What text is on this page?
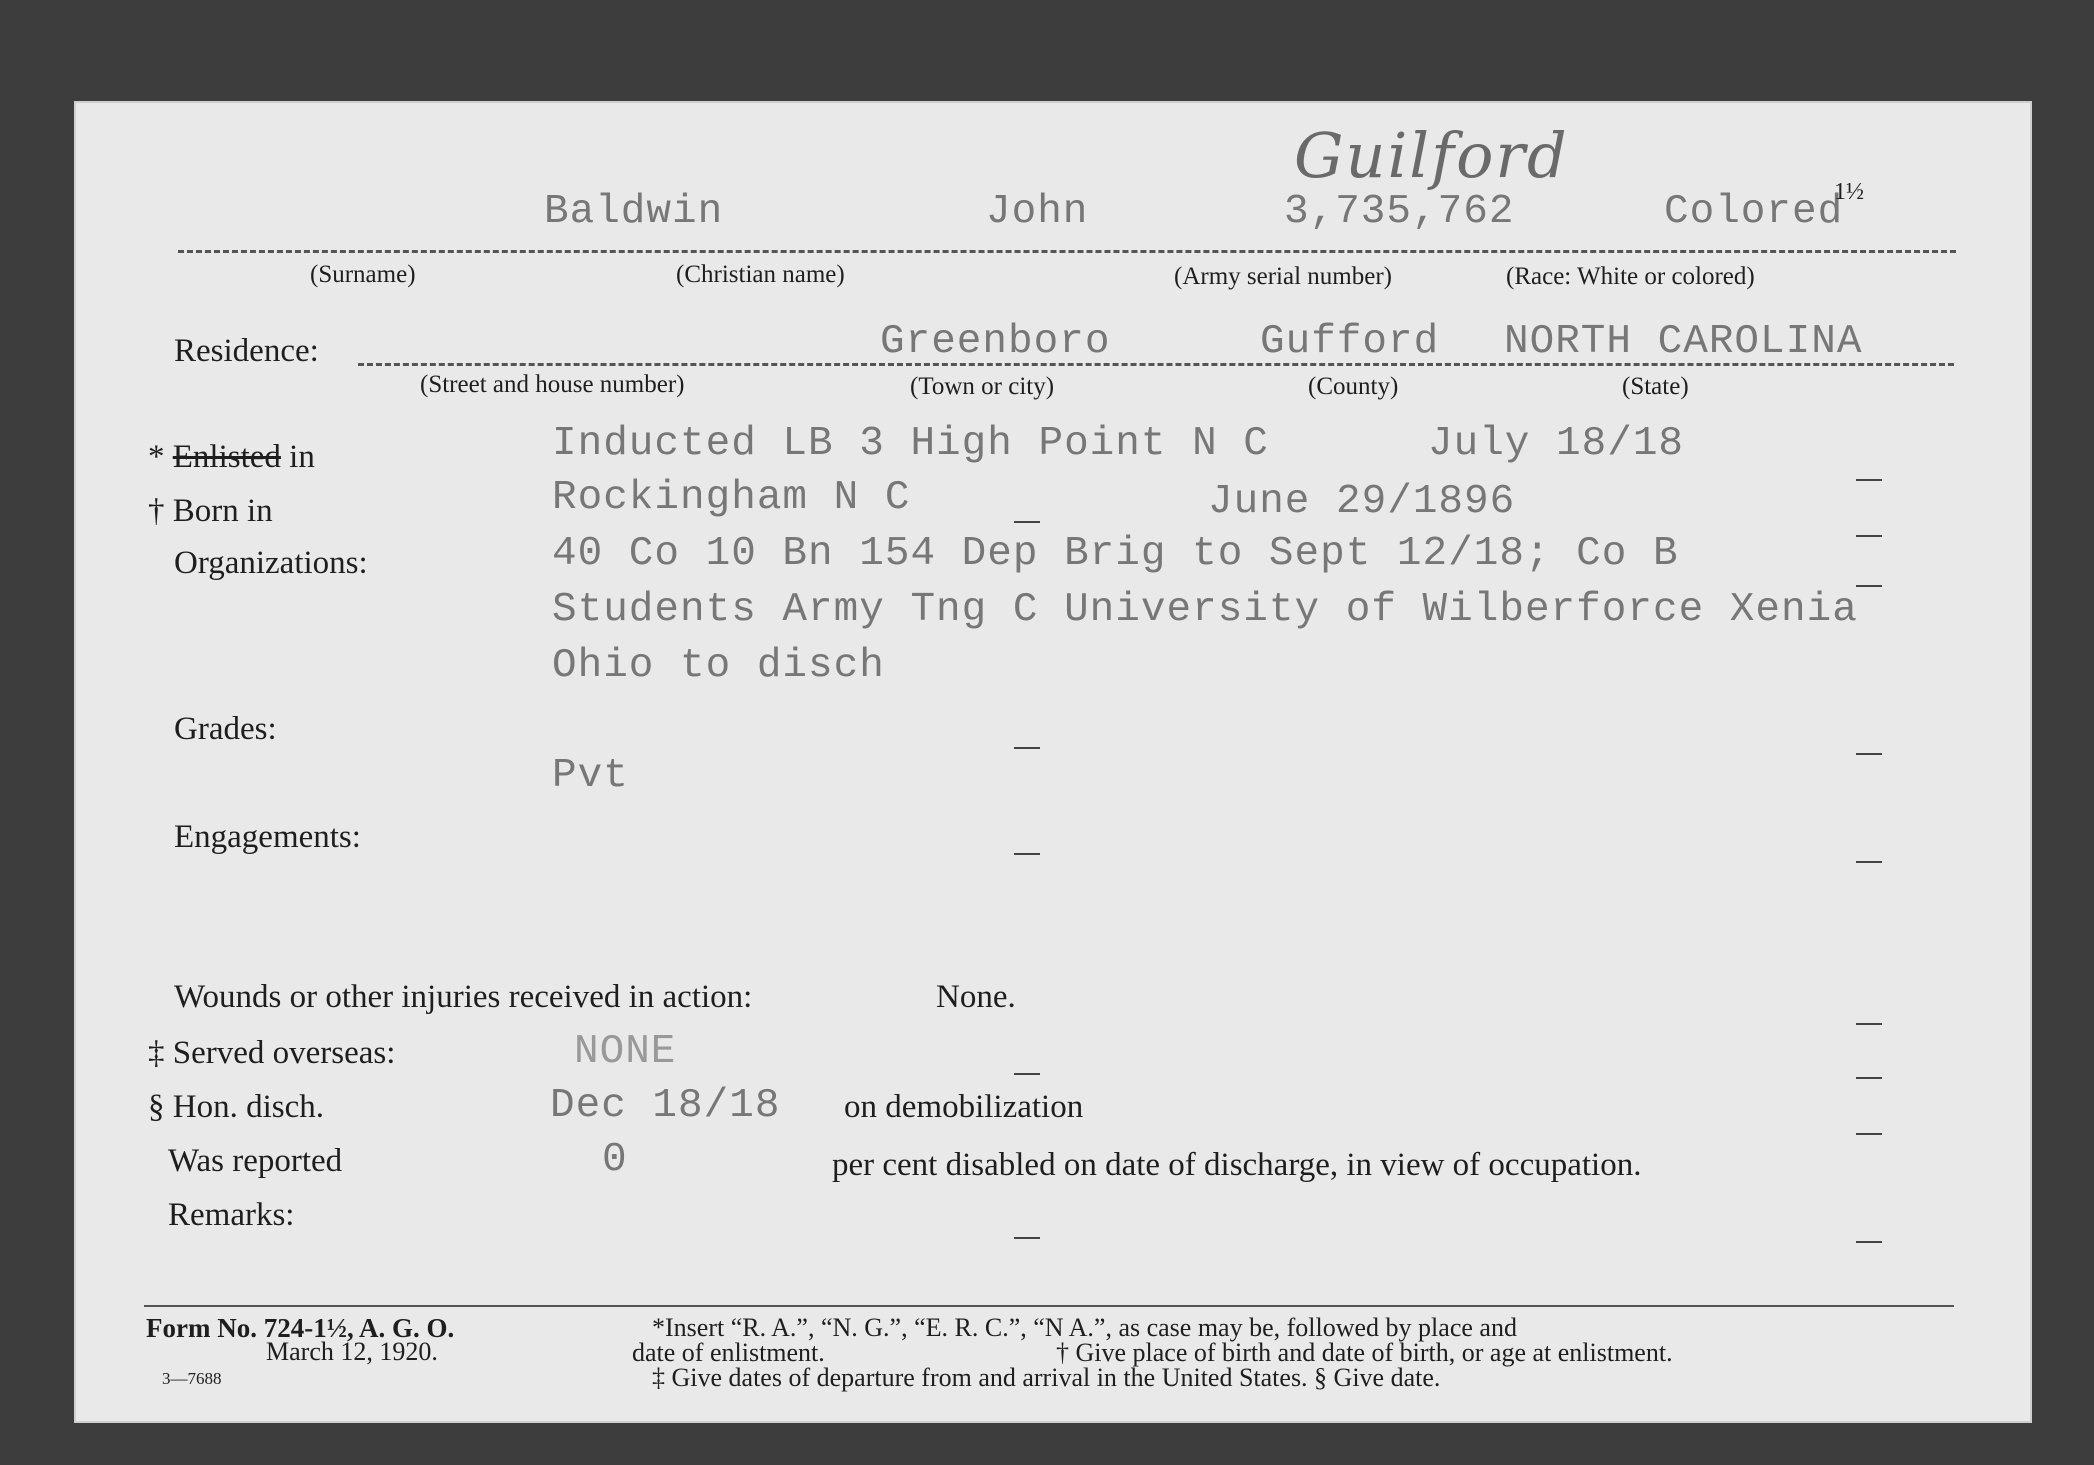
Guilford
Baldwin	John	3,735,762	Colored
1½
(Surname)	(Christian name)	(Army serial number)	(Race: White or colored)
Residence:	Greenboro	Gufford NORTH CAROLINA
(Street and house number)	(Town or city)	(County)	(State)
* Enlisted in	Inducted LB 3 High Point N C	July 18/18
† Born in	Rockingham N C	June 29/1896
Organizations:	40 Co 10 Bn 154 Dep Brig to Sept 12/18; Co B
Students Army Tng C University of Wilberforce Xenia
Ohio to disch
Grades:
Pvt
Engagements:
Wounds or other injuries received in action:	None.
‡ Served overseas:	NONE
§ Hon. disch.	Dec 18/18 on demobilization
Was reported	0	per cent disabled on date of discharge, in view of occupation.
Remarks:
Form No. 724-1½, A. G. O.
March 12, 1920.
3—7688
*Insert “R. A.”, “N. G.”, “E. R. C.”, “N A.”, as case may be, followed by place and
date of enlistment.	† Give place of birth and date of birth, or age at enlistment.
‡ Give dates of departure from and arrival in the United States. § Give date.
